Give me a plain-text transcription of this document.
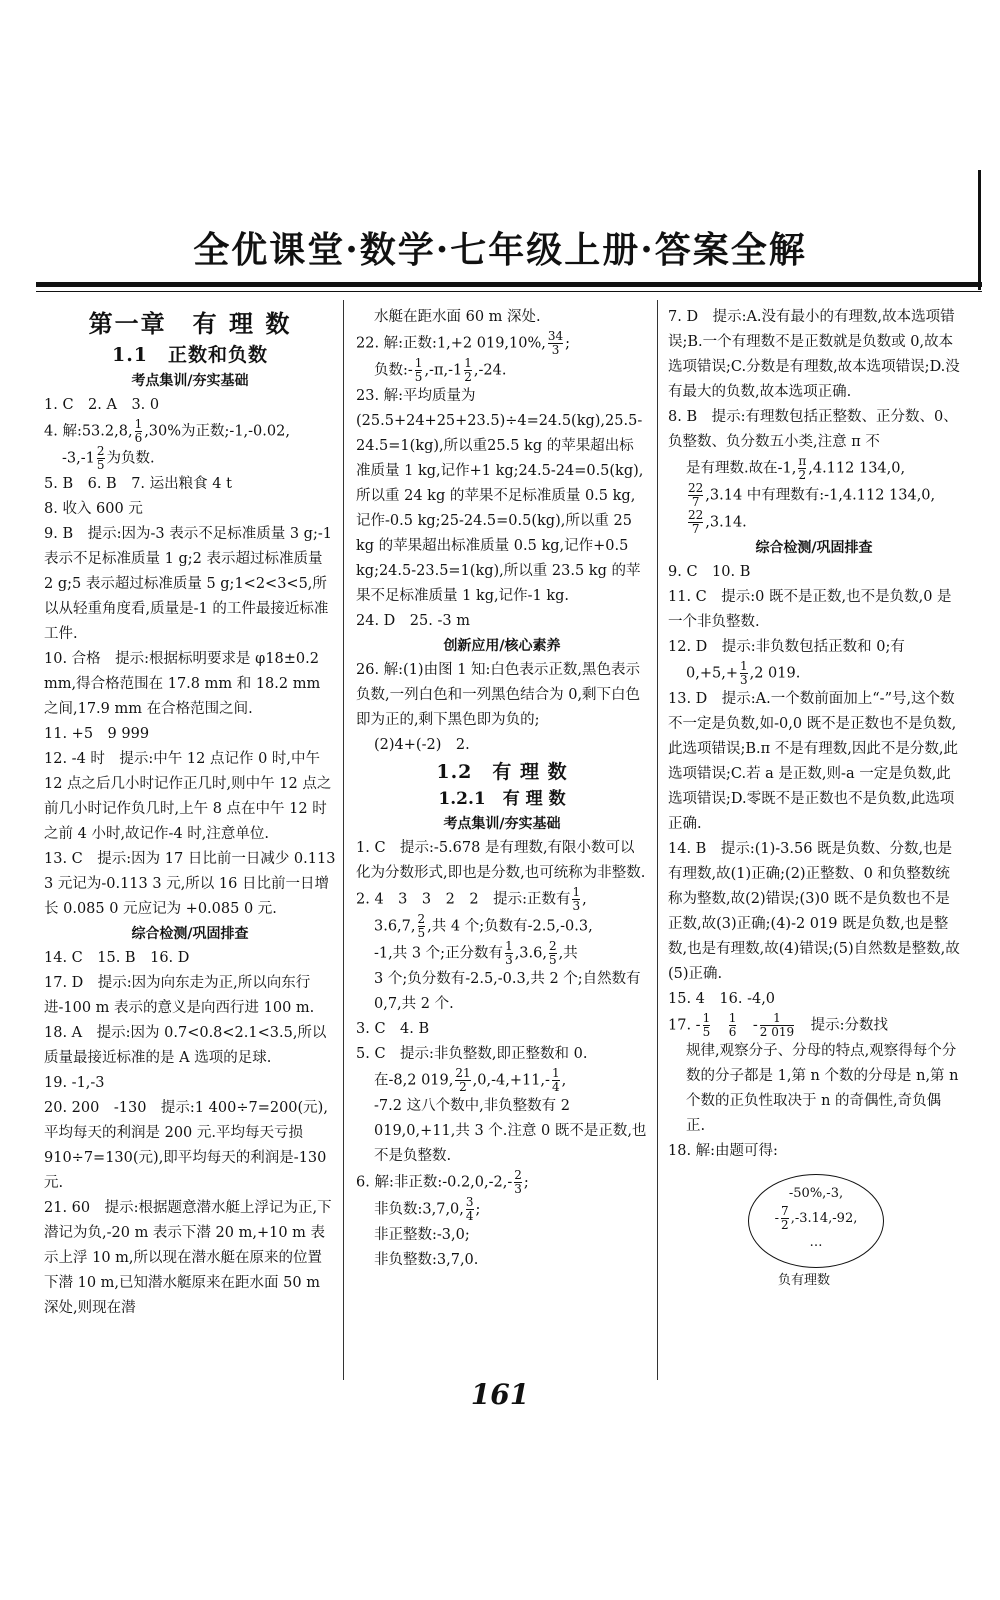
全优课堂·数学·七年级上册·答案全解
第一章　有 理 数
1.1　正数和负数
考点集训/夯实基础

1. C　2. A　3. 0

4. 解:53.2,8, $\frac{1}{6} ,30\%$为正数;-1,-0.02,

$-3,-1 \frac{2}{5}$ 为负数.

5. B　6. B　7. 运出粮食 4 t

8. 收入 600 元

9. B　提示:因为-3 表示不足标准质量 3 g;-1 表示不足标准质量 1 g;2 表示超过标准质量 2 g;5 表示超过标准质量 5 g;1<2<3<5,所以从轻重角度看,质量是-1 的工件最接近标准工件.

10. 合格　提示:根据标明要求是 φ18±0.2 mm,得合格范围在 17.8 mm 和 18.2 mm 之间,17.9 mm 在合格范围之间.

11. +5　9 999

12. -4 时　提示:中午 12 点记作 0 时,中午 12 点之后几小时记作正几时,则中午 12 点之前几小时记作负几时,上午 8 点在中午 12 时之前 4 小时,故记作-4 时,注意单位.

13. C　提示:因为 17 日比前一日减少 0.113 3 元记为-0.113 3 元,所以 16 日比前一日增长 0.085 0 元应记为 +0.085 0 元.

综合检测/巩固排查

14. C　15. B　16. D

17. D　提示:因为向东走为正,所以向东行进-100 m 表示的意义是向西行进 100 m.

18. A　提示:因为 0.7<0.8<2.1<3.5,所以质量最接近标准的是 A 选项的足球.

19. -1,-3

20. 200　-130　提示:1 400÷7=200(元),平均每天的利润是 200 元.平均每天亏损910÷7=130(元),即平均每天的利润是-130 元.

21. 60　提示:根据题意潜水艇上浮记为正,下潜记为负,-20 m 表示下潜 20 m,+10 m 表示上浮 10 m,所以现在潜水艇在原来的位置下潜 10 m,已知潜水艇原来在距水面 50 m 深处,则现在潜

水艇在距水面 60 m 深处.

22. 解:正数:1,+2 019,10%, $\frac{34}{3}$ ;

负数:- $\frac{1}{5} ,-\pi,-1 \frac{1}{2} ,-24$.

23. 解:平均质量为(25.5+24+25+23.5)÷4=24.5(kg),25.5-24.5=1(kg),所以重25.5 kg 的苹果超出标准质量 1 kg,记作+1 kg;24.5-24=0.5(kg),所以重 24 kg 的苹果不足标准质量 0.5 kg,记作-0.5 kg;25-24.5=0.5(kg),所以重 25 kg 的苹果超出标准质量 0.5 kg,记作+0.5 kg;24.5-23.5=1(kg),所以重 23.5 kg 的苹果不足标准质量 1 kg,记作-1 kg.

24. D　25. -3 m

创新应用/核心素养

26. 解:(1)由图 1 知:白色表示正数,黑色表示负数,一列白色和一列黑色结合为 0,剩下白色即为正的,剩下黑色即为负的;

(2)4+(-2)　2.

1.2　有 理 数
1.2.1　有 理 数
考点集训/夯实基础

1. C　提示:-5.678 是有理数,有限小数可以化为分数形式,即也是分数,也可统称为非整数.

2. 4　3　3　2　2　提示:正数有 $\frac{1}{3}$ ,

3.6,7, $\frac{2}{5}$ ,共 4 个;负数有-2.5,-0.3,

-1,共 3 个;正分数有 $\frac{1}{3} ,3.6$, $\frac{2}{5}$ ,共

3 个;负分数有-2.5,-0.3,共 2 个;自然数有 0,7,共 2 个.

3. C　4. B

5. C　提示:非负整数,即正整数和 0.

在-8,2 019, $\frac{21}{2} ,0,-4,+11,- \frac{1}{4}$ ,

-7.2 这八个数中,非负整数有 2 019,0,+11,共 3 个.注意 0 既不是正数,也不是负整数.

6. 解:非正数:-0.2,0,-2,- $\frac{2}{3}$ ;

非负数:3,7,0, $\frac{3}{4}$ ;

非正整数:-3,0;

非负整数:3,7,0.

7. D　提示:A.没有最小的有理数,故本选项错误;B.一个有理数不是正数就是负数或 0,故本选项错误;C.分数是有理数,故本选项错误;D.没有最大的负数,故本选项正确.

8. B　提示:有理数包括正整数、正分数、0、负整数、负分数五小类,注意 π 不

是有理数.故在-1, $\frac{\pi}{2} ,4.112$ 134,0,

$\frac{22}{7} ,3.14$ 中有理数有:-1,4.112 134,0,

$\frac{22}{7} ,3.14$.

综合检测/巩固排查

9. C　10. B

11. C　提示:0 既不是正数,也不是负数,0 是一个非负整数.

12. D　提示:非负数包括正数和 0;有

$0,+5,+ \frac{1}{3} ,2$ 019.

13. D　提示:A.一个数前面加上“-”号,这个数不一定是负数,如-0,0 既不是正数也不是负数,此选项错误;B.π 不是有理数,因此不是分数,此选项错误;C.若 a 是正数,则-a 一定是负数,此选项错误;D.零既不是正数也不是负数,此选项正确.

14. B　提示:(1)-3.56 既是负数、分数,也是有理数,故(1)正确;(2)正整数、0 和负整数统称为整数,故(2)错误;(3)0 既不是负数也不是正数,故(3)正确;(4)-2 019 既是负数,也是整数,也是有理数,故(4)错误;(5)自然数是整数,故(5)正确.

15. 4　16. -4,0

17. - $\frac{1}{5}$
　 $\frac{1}{6}$
　 - $\frac{1}{2 019}$ 　提示:分数找

规律,观察分子、分母的特点,观察得每个分数的分子都是 1,第 n 个数的分母是 n,第 n 个数的正负性取决于 n 的奇偶性,奇负偶正.

18. 解:由题可得:

-50%,-3,
- $\frac{7}{2} ,-3.14,-92$,
…
负有理数
161
